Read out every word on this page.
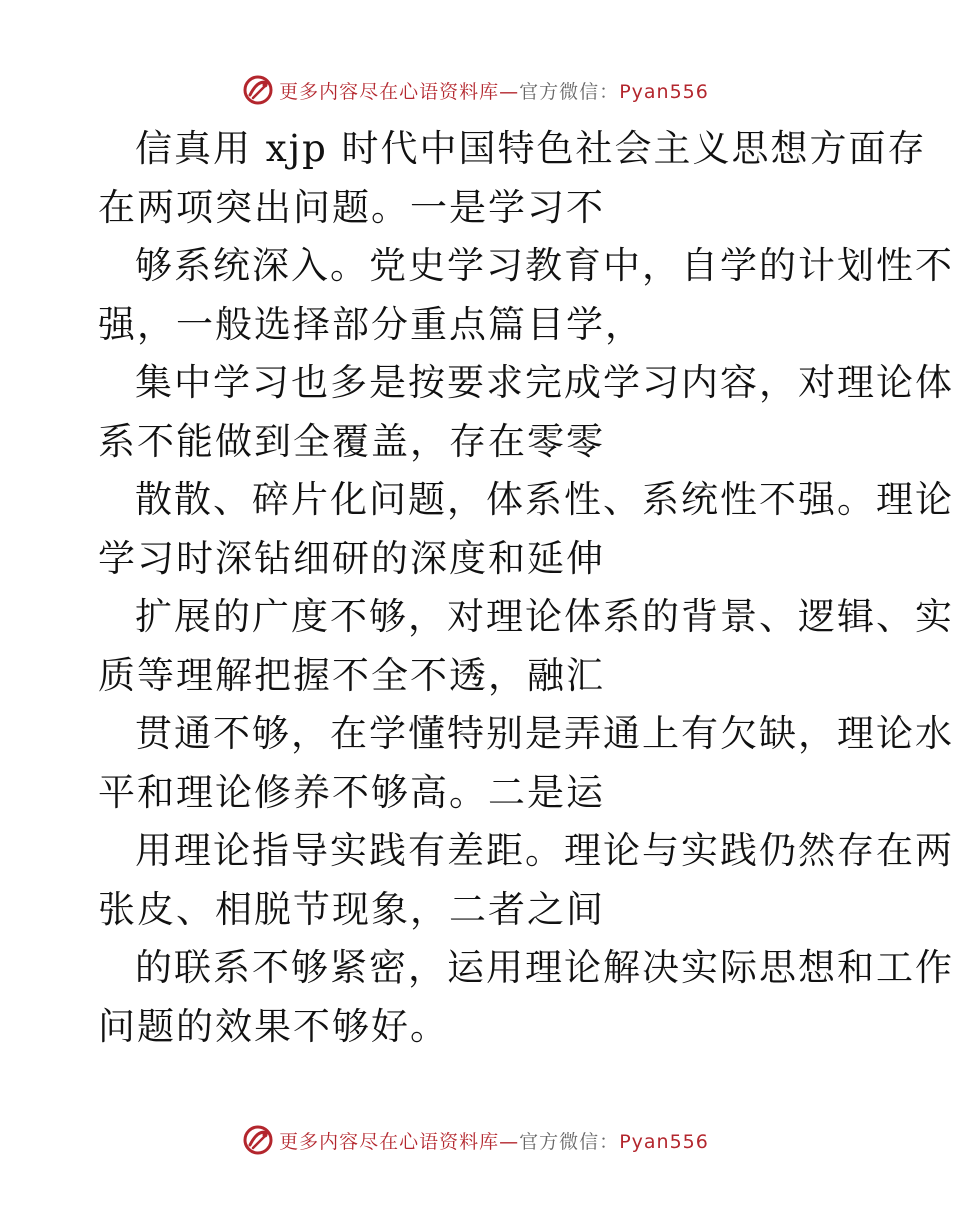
更多内容尽在心语资料库—官方微信：Pyan556

信真用 xjp 时代中国特色社会主义思想方面存

在两项突出问题。一是学习不

够系统深入。党史学习教育中，自学的计划性不

强，一般选择部分重点篇目学，

集中学习也多是按要求完成学习内容，对理论体

系不能做到全覆盖，存在零零

散散、碎片化问题，体系性、系统性不强。理论

学习时深钻细研的深度和延伸

扩展的广度不够，对理论体系的背景、逻辑、实

质等理解把握不全不透，融汇

贯通不够，在学懂特别是弄通上有欠缺，理论水

平和理论修养不够高。二是运

用理论指导实践有差距。理论与实践仍然存在两

张皮、相脱节现象，二者之间

的联系不够紧密，运用理论解决实际思想和工作

问题的效果不够好。

更多内容尽在心语资料库—官方微信：Pyan556
